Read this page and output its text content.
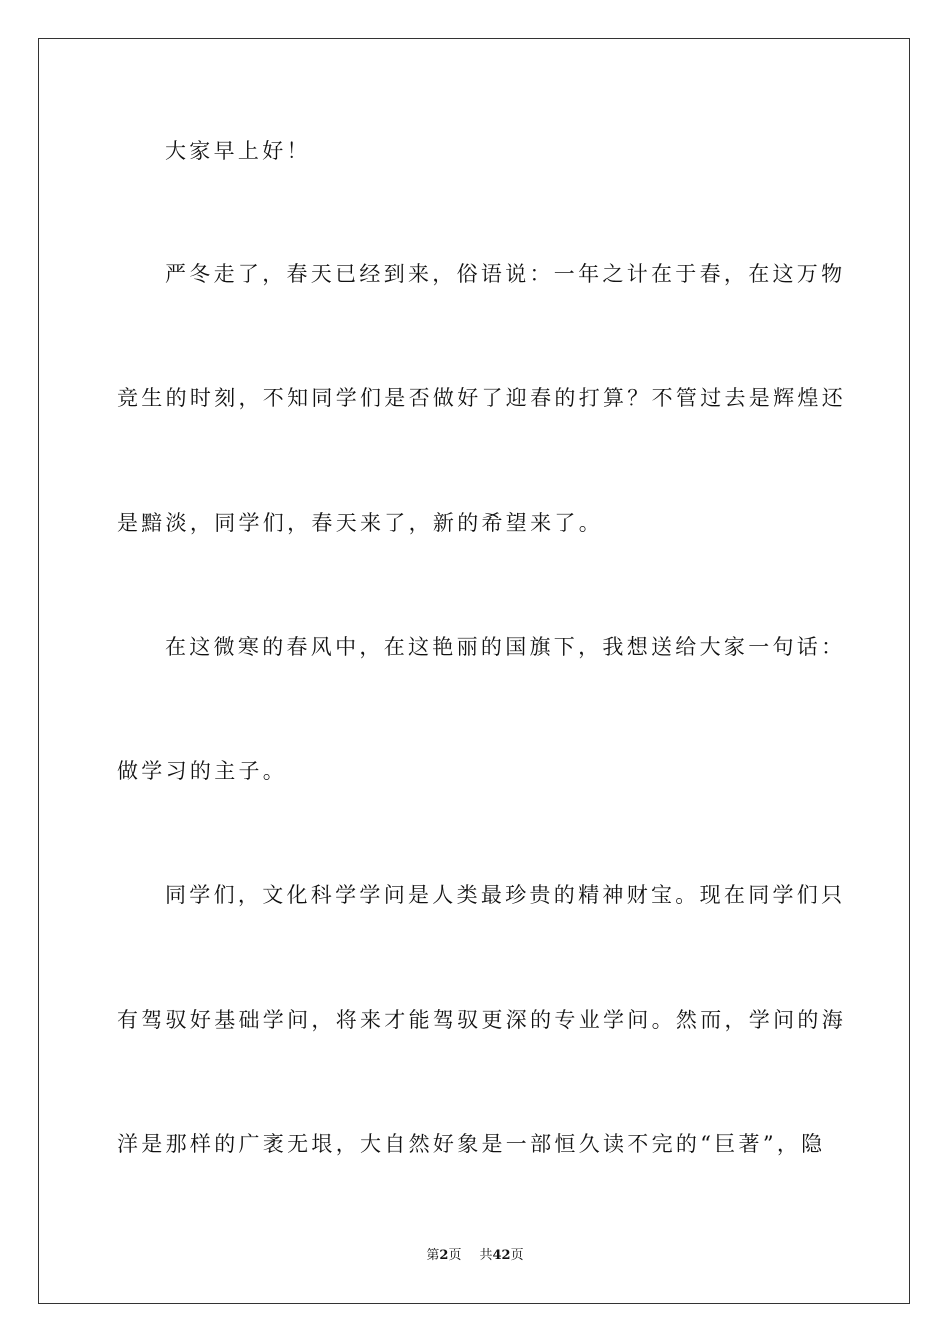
大家早上好！
严冬走了，春天已经到来，俗语说：一年之计在于春，在这万物
竞生的时刻，不知同学们是否做好了迎春的打算？不管过去是辉煌还
是黯淡，同学们，春天来了，新的希望来了。
在这微寒的春风中，在这艳丽的国旗下，我想送给大家一句话：
做学习的主子。
同学们，文化科学学问是人类最珍贵的精神财宝。现在同学们只
有驾驭好基础学问，将来才能驾驭更深的专业学问。然而，学问的海
洋是那样的广袤无垠，大自然好象是一部恒久读不完的“巨著”，隐
第2页 共42页
